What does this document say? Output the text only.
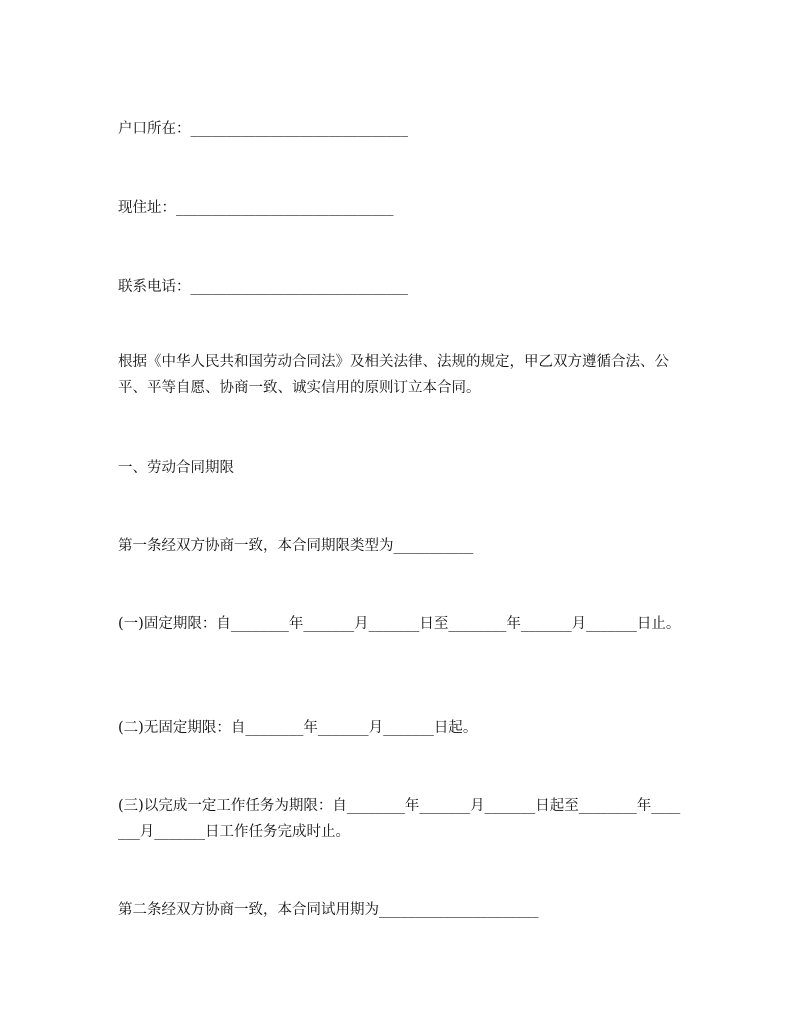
户口所在：______________________________

现住址：______________________________

联系电话：______________________________

根据《中华人民共和国劳动合同法》及相关法律、法规的规定，甲乙双方遵循合法、公平、平等自愿、协商一致、诚实信用的原则订立本合同。

一、劳动合同期限

第一条经双方协商一致，本合同期限类型为___________

(一)固定期限：自________年_______月_______日至________年_______月_______日止。

(二)无固定期限：自________年_______月_______日起。

(三)以完成一定工作任务为期限：自________年_______月_______日起至________年_______月_______日工作任务完成时止。

第二条经双方协商一致，本合同试用期为______________________
